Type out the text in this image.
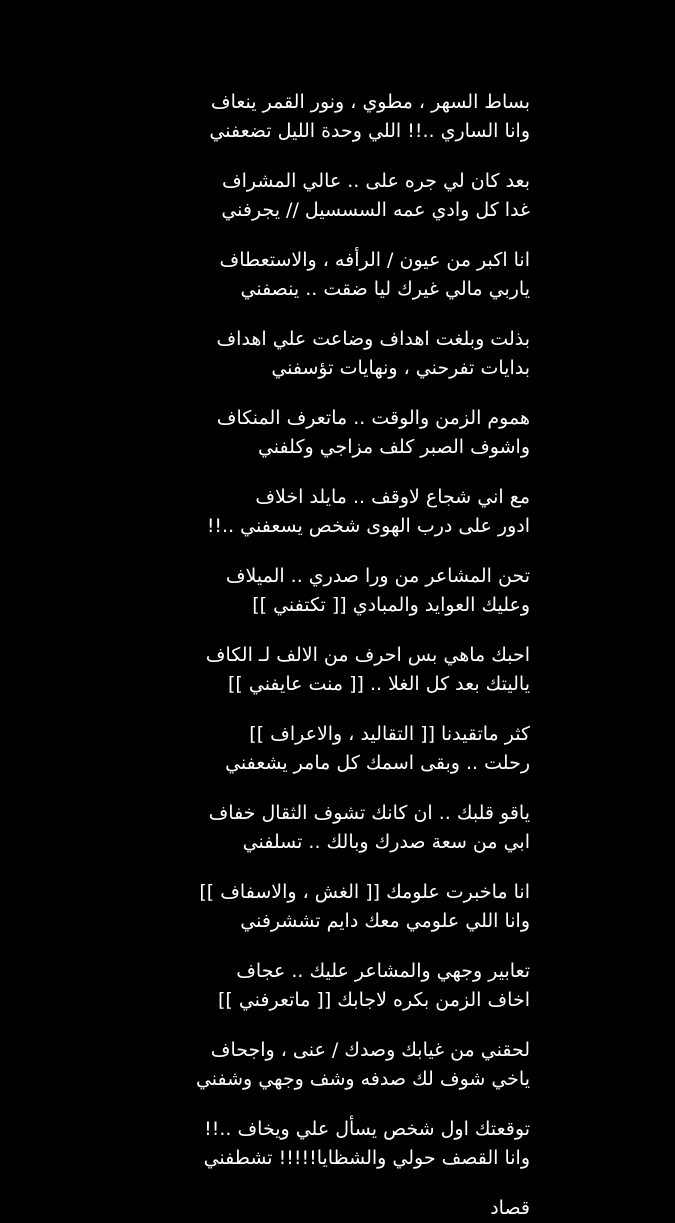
بساط السهر ، مطوي ، ونور القمر ينعاف
وانا الساري ..!! اللي وحدة الليل تضعفني
بعد كان لي جره على .. عالي المشراف
غدا كل وادي عمه السسسيل // يجرفني
انا اكبر من عيون / الرأفه ، والاستعطاف
ياربي مالي غيرك ليا ضقت .. ينصفني
بذلت وبلغت اهداف وضاعت علي اهداف
بدايات تفرحني ، ونهايات تؤسفني
هموم الزمن والوقت .. ماتعرف المنكاف
واشوف الصبر كلف مزاجي وكلفني
مع اني شجاع لاوقف .. مايلد اخلاف
ادور على درب الهوى شخص يسعفني ..!!
تحن المشاعر من ورا صدري .. الميلاف
وعليك العوايد والمبادي [[ تكتفني ]]
احبك ماهي بس احرف من الالف لـ الكاف
ياليتك بعد كل الغلا .. [[ منت عايفني ]]
كثر ماتقيدنا [[ التقاليد ، والاعراف ]]
رحلت .. وبقى اسمك كل مامر يشعفني
ياقو قلبك .. ان كانك تشوف الثقال خفاف
ابي من سعة صدرك وبالك .. تسلفني
انا ماخبرت علومك [[ الغش ، والاسفاف ]]
وانا اللي علومي معك دايم تششرفني
تعابير وجهي والمشاعر عليك .. عجاف
اخاف الزمن بكره لاجابك [[ ماتعرفني ]]
لحقني من غيابك وصدك / عنى ، واجحاف
ياخي شوف لك صدفه وشف وجهي وشفني
توقعتك اول شخص يسأل علي ويخاف ..!!
وانا القصف حولي والشظايا!!!!! تشطفني
قصاد
